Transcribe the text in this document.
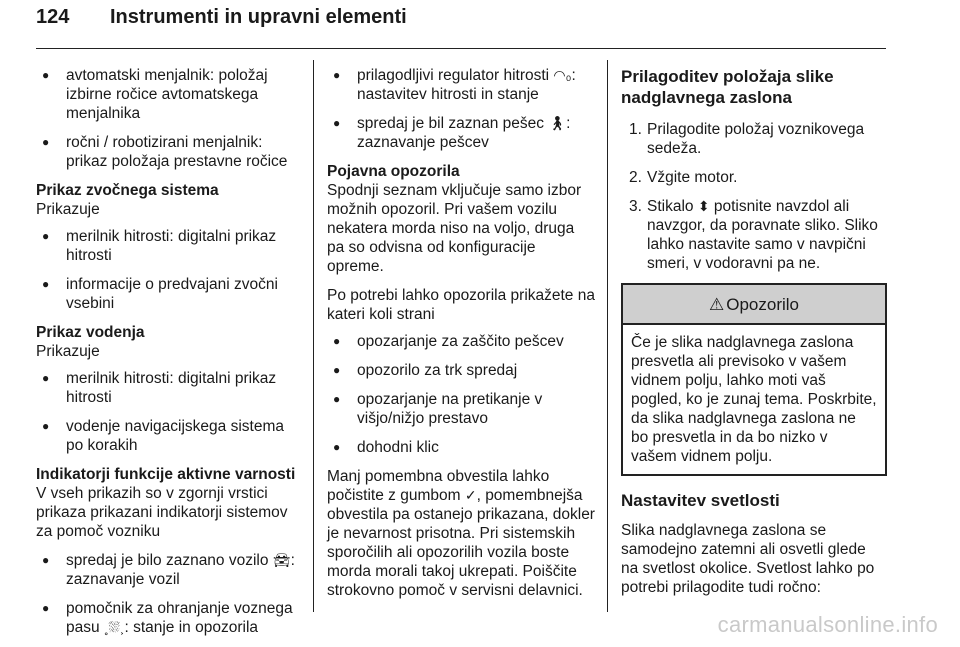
124 Instrumenti in upravni elementi
● avtomatski menjalnik: položaj izbirne ročice avtomatskega menjalnika
● ročni / robotizirani menjalnik: prikaz položaja prestavne ročice
Prikaz zvočnega sistema
Prikazuje
● merilnik hitrosti: digitalni prikaz hitrosti
● informacije o predvajani zvočni vsebini
Prikaz vodenja
Prikazuje
● merilnik hitrosti: digitalni prikaz hitrosti
● vodenje navigacijskega sistema po korakih
Indikatorji funkcije aktivne varnosti

V vseh prikazih so v zgornji vrstici prikaza prikazani indikatorji sistemov za pomoč vozniku

● spredaj je bilo zaznano vozilo 🚘︎: zaznavanje vozil
● pomočnik za ohranjanje voznega pasu ˳⛆˲: stanje in opozorila
● prilagodljivi regulator hitrosti ◠₀: nastavitev hitrosti in stanje
● spredaj je bil zaznan pešec 🚶︎: zaznavanje pešcev
Pojavna opozorila

Spodnji seznam vključuje samo izbor možnih opozoril. Pri vašem vozilu nekatera morda niso na voljo, druga pa so odvisna od konfiguracije opreme.

Po potrebi lahko opozorila prikažete na kateri koli strani

● opozarjanje za zaščito pešcev
● opozorilo za trk spredaj
● opozarjanje na pretikanje v višjo/nižjo prestavo
● dohodni klic

Manj pomembna obvestila lahko počistite z gumbom ✓, pomembnejša obvestila pa ostanejo prikazana, dokler je nevarnost prisotna. Pri sistemskih sporočilih ali opozorilih vozila boste morda morali takoj ukrepati. Poiščite strokovno pomoč v servisni delavnici.

Prilagoditev položaja slike nadglavnega zaslona
1. Prilagodite položaj voznikovega sedeža.
2. Vžgite motor.
3. Stikalo ⬍ potisnite navzdol ali navzgor, da poravnate sliko. Sliko lahko nastavite samo v navpični smeri, v vodoravni pa ne.
⚠︎ Opozorilo
Če je slika nadglavnega zaslona presvetla ali previsoko v vašem vidnem polju, lahko moti vaš pogled, ko je zunaj tema. Poskrbite, da slika nadglavnega zaslona ne bo presvetla in da bo nizko v vašem vidnem polju.
Nastavitev svetlosti

Slika nadglavnega zaslona se samodejno zatemni ali osvetli glede na svetlost okolice. Svetlost lahko po potrebi prilagodite tudi ročno:

carmanualsonline.info
